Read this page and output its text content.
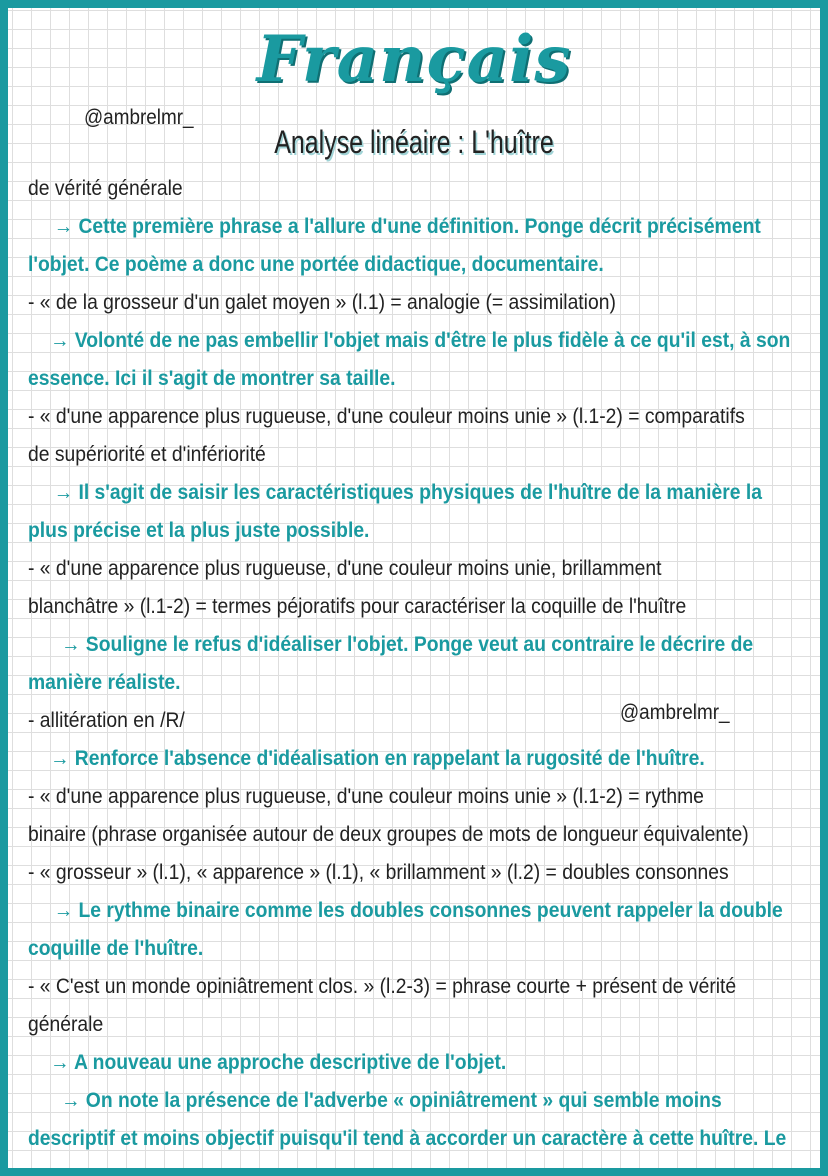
Français
@ambrelmr_
Analyse linéaire : L'huître
@ambrelmr_
de vérité générale
→ Cette première phrase a l'allure d'une définition. Ponge décrit précisément
l'objet. Ce poème a donc une portée didactique, documentaire.
- « de la grosseur d'un galet moyen » (l.1) = analogie (= assimilation)
→ Volonté de ne pas embellir l'objet mais d'être le plus fidèle à ce qu'il est, à son
essence. Ici il s'agit de montrer sa taille.
- « d'une apparence plus rugueuse, d'une couleur moins unie » (l.1-2) = comparatifs
de supériorité et d'infériorité
→ Il s'agit de saisir les caractéristiques physiques de l'huître de la manière la
plus précise et la plus juste possible.
- « d'une apparence plus rugueuse, d'une couleur moins unie, brillamment
blanchâtre » (l.1-2) = termes péjoratifs pour caractériser la coquille de l'huître
→ Souligne le refus d'idéaliser l'objet. Ponge veut au contraire le décrire de
manière réaliste.
- allitération en /R/
→ Renforce l'absence d'idéalisation en rappelant la rugosité de l'huître.
- « d'une apparence plus rugueuse, d'une couleur moins unie » (l.1-2) = rythme
binaire (phrase organisée autour de deux groupes de mots de longueur équivalente)
- « grosseur » (l.1), « apparence » (l.1), « brillamment » (l.2) = doubles consonnes
→ Le rythme binaire comme les doubles consonnes peuvent rappeler la double
coquille de l'huître.
- « C'est un monde opiniâtrement clos. » (l.2-3) = phrase courte + présent de vérité
générale
→ A nouveau une approche descriptive de l'objet.
→ On note la présence de l'adverbe « opiniâtrement » qui semble moins
descriptif et moins objectif puisqu'il tend à accorder un caractère à cette huître. Le
